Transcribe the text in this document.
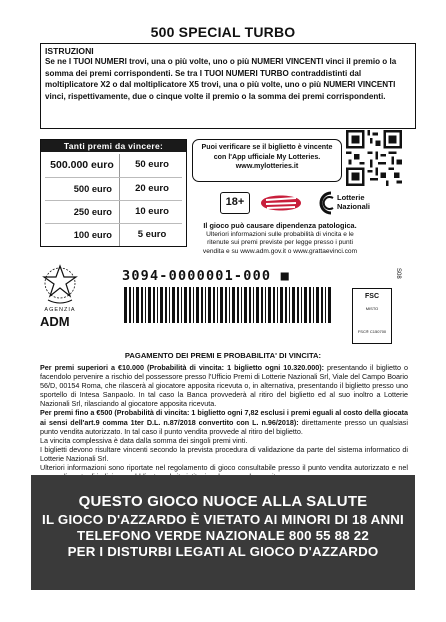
500 SPECIAL TURBO
ISTRUZIONI
Se ne I TUOI NUMERI trovi, una o più volte, uno o più NUMERI VINCENTI vinci il premio o la somma dei premi corrispondenti. Se tra I TUOI NUMERI TURBO contraddistinti dal moltiplicatore X2 o dal moltiplicatore X5 trovi, una o più volte, uno o più NUMERI VINCENTI vinci, rispettivamente, due o cinque volte il premio o la somma dei premi corrispondenti.
Tanti premi da vincere:
500.000 euro	50 euro
500 euro	20 euro
250 euro	10 euro
100 euro	5 euro
Puoi verificare se il biglietto è vincente
con l'App ufficiale My Lotteries.
www.mylotteries.it
18+	Lotterie
Nazionali
Il gioco può causare dipendenza patologica.
Ulteriori informazioni sulle probabilità di vincita e le
ritenute sui premi previste per legge presso i punti
vendita e su www.adm.gov.it o www.grattaevinci.com
AGENZIA
ADM
3094-0000001-000 ■
FSC
MISTO
FSC® C150700
S08
PAGAMENTO DEI PREMI E PROBABILITA' DI VINCITA:

Per premi superiori a €10.000 (Probabilità di vincita: 1 biglietto ogni 10.320.000): presentando il biglietto o facendolo pervenire a rischio del possessore presso l'Ufficio Premi di Lotterie Nazionali Srl, Viale del Campo Boario 56/D, 00154 Roma, che rilascerà al giocatore apposita ricevuta o, in alternativa, presentando il biglietto presso uno sportello di Intesa Sanpaolo. In tal caso la Banca provvederà al ritiro del biglietto ed al suo inoltro a Lotterie Nazionali Srl, rilasciando al giocatore apposita ricevuta.

Per premi fino a €500 (Probabilità di vincita: 1 biglietto ogni 7,82 esclusi i premi eguali al costo della giocata ai sensi dell'art.9 comma 1ter D.L. n.87/2018 convertito con L. n.96/2018): direttamente presso un qualsiasi punto vendita autorizzato. In tal caso il punto vendita provvede al ritiro del biglietto.

La vincita complessiva è data dalla somma dei singoli premi vinti.

I biglietti devono risultare vincenti secondo la prevista procedura di validazione da parte del sistema informatico di Lotterie Nazionali Srl.

Ulteriori informazioni sono riportate nel regolamento di gioco consultabile presso il punto vendita autorizzato e nel

QUESTO GIOCO NUOCE ALLA SALUTE
IL GIOCO D'AZZARDO È VIETATO AI MINORI DI 18 ANNI
TELEFONO VERDE NAZIONALE 800 55 88 22
PER I DISTURBI LEGATI AL GIOCO D'AZZARDO
